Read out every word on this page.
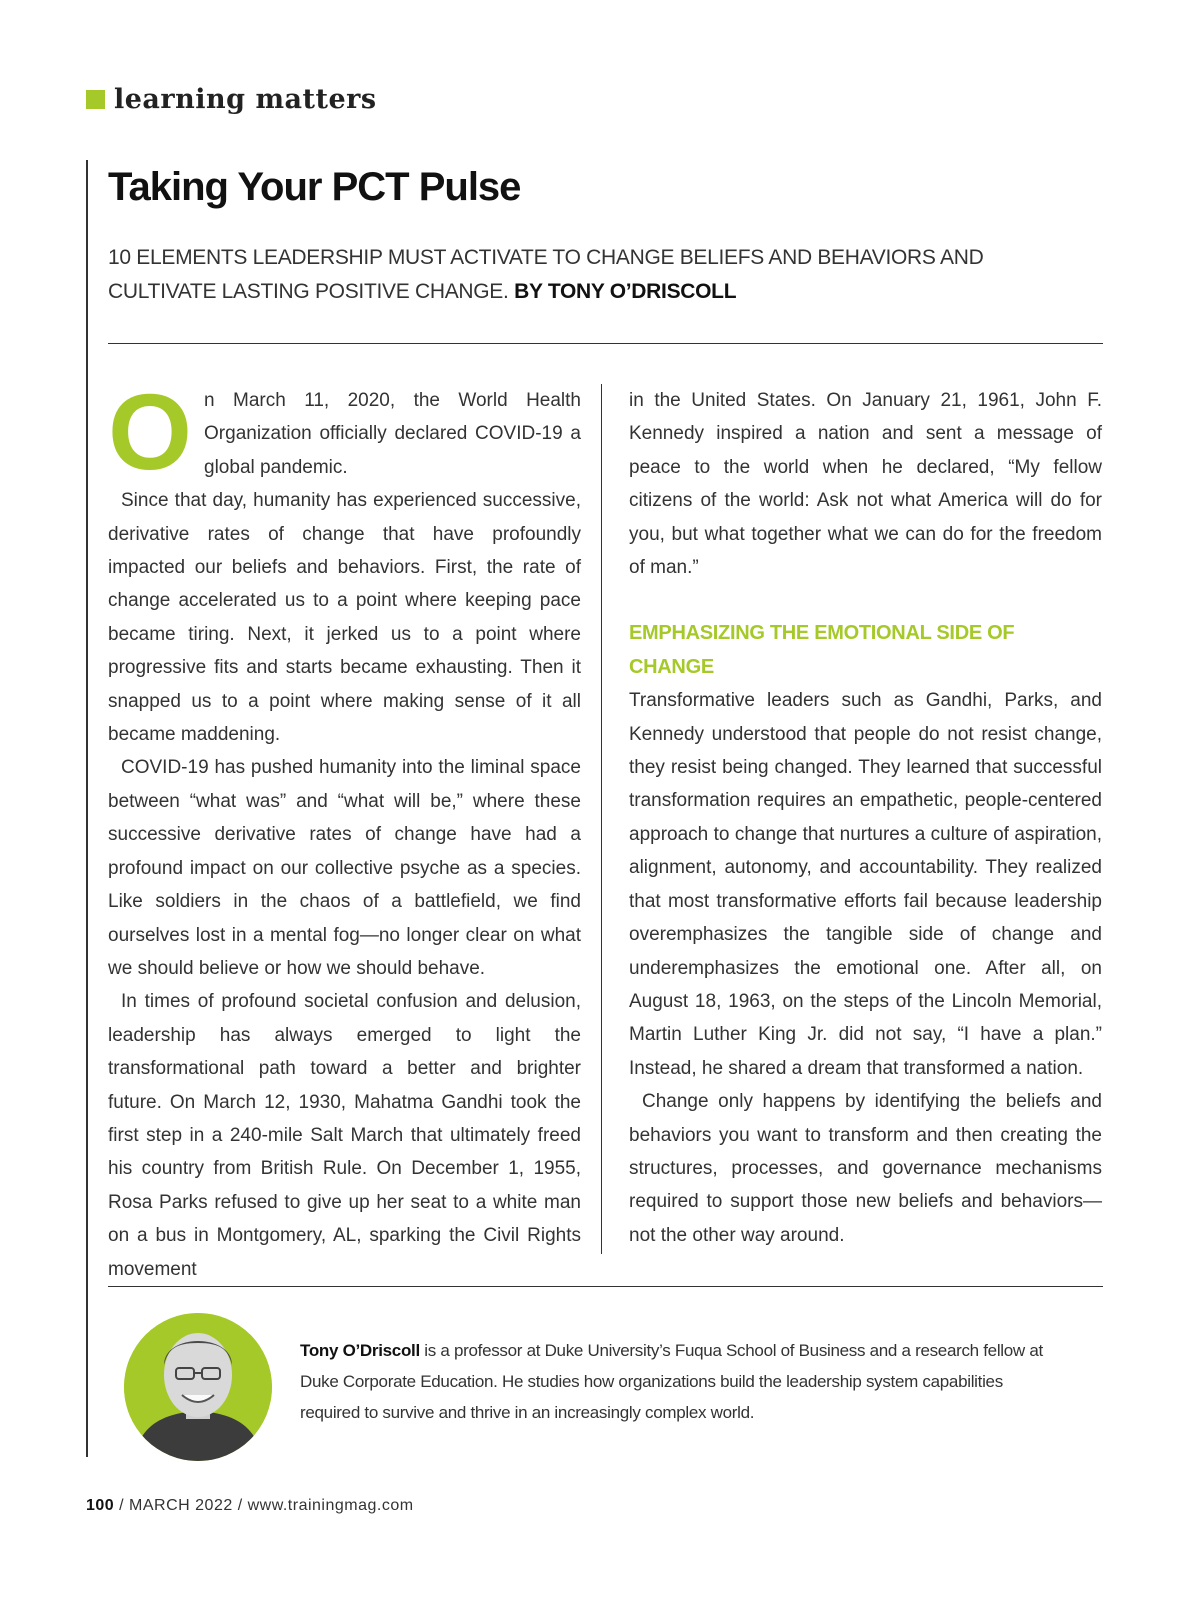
learning matters
Taking Your PCT Pulse

10 ELEMENTS LEADERSHIP MUST ACTIVATE TO CHANGE BELIEFS AND BEHAVIORS AND CULTIVATE LASTING POSITIVE CHANGE. BY TONY O’DRISCOLL

On March 11, 2020, the World Health Organization officially declared COVID-19 a global pandemic.

Since that day, humanity has experienced successive, derivative rates of change that have profoundly impacted our beliefs and behaviors. First, the rate of change accelerated us to a point where keeping pace became tiring. Next, it jerked us to a point where progressive fits and starts became exhausting. Then it snapped us to a point where making sense of it all became maddening.

COVID-19 has pushed humanity into the liminal space between “what was” and “what will be,” where these successive derivative rates of change have had a profound impact on our collective psyche as a species. Like soldiers in the chaos of a battlefield, we find ourselves lost in a mental fog—no longer clear on what we should believe or how we should behave.

In times of profound societal confusion and delusion, leadership has always emerged to light the transformational path toward a better and brighter future. On March 12, 1930, Mahatma Gandhi took the first step in a 240-mile Salt March that ultimately freed his country from British Rule. On December 1, 1955, Rosa Parks refused to give up her seat to a white man on a bus in Montgomery, AL, sparking the Civil Rights movement

in the United States. On January 21, 1961, John F. Kennedy inspired a nation and sent a message of peace to the world when he declared, “My fellow citizens of the world: Ask not what America will do for you, but what together what we can do for the freedom of man.”

EMPHASIZING THE EMOTIONAL SIDE OF CHANGE

Transformative leaders such as Gandhi, Parks, and Kennedy understood that people do not resist change, they resist being changed. They learned that successful transformation requires an empathetic, people-centered approach to change that nurtures a culture of aspiration, alignment, autonomy, and accountability. They realized that most transformative efforts fail because leadership overemphasizes the tangible side of change and underemphasizes the emotional one. After all, on August 18, 1963, on the steps of the Lincoln Memorial, Martin Luther King Jr. did not say, “I have a plan.” Instead, he shared a dream that transformed a nation.

Change only happens by identifying the beliefs and behaviors you want to transform and then creating the structures, processes, and governance mechanisms required to support those new beliefs and behaviors—not the other way around.

Tony O’Driscoll is a professor at Duke University’s Fuqua School of Business and a research fellow at Duke Corporate Education. He studies how organizations build the leadership system capabilities required to survive and thrive in an increasingly complex world.

100 / MARCH 2022 / www.trainingmag.com
